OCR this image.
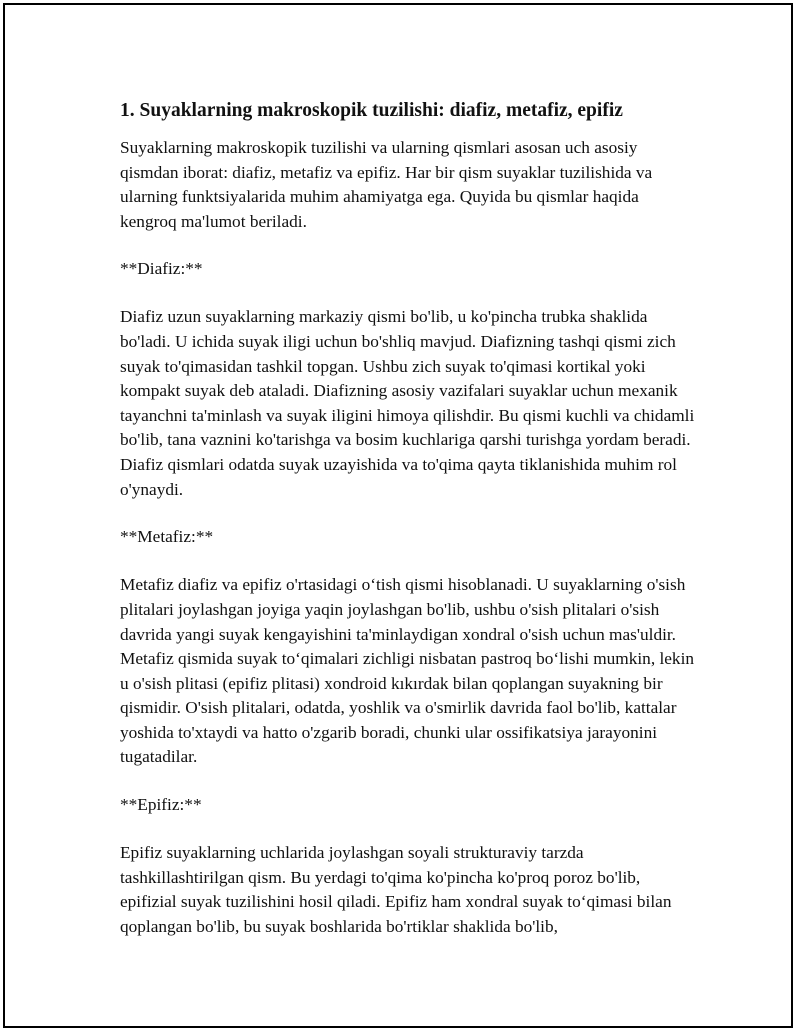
1. Suyaklarning makroskopik tuzilishi: diafiz, metafiz, epifiz

Suyaklarning makroskopik tuzilishi va ularning qismlari asosan uch asosiy qismdan iborat: diafiz, metafiz va epifiz. Har bir qism suyaklar tuzilishida va ularning funktsiyalarida muhim ahamiyatga ega. Quyida bu qismlar haqida kengroq ma'lumot beriladi.

**Diafiz:**

Diafiz uzun suyaklarning markaziy qismi bo'lib, u ko'pincha trubka shaklida bo'ladi. U ichida suyak iligi uchun bo'shliq mavjud. Diafizning tashqi qismi zich suyak to'qimasidan tashkil topgan. Ushbu zich suyak to'qimasi kortikal yoki kompakt suyak deb ataladi. Diafizning asosiy vazifalari suyaklar uchun mexanik tayanchni ta'minlash va suyak iligini himoya qilishdir. Bu qismi kuchli va chidamli bo'lib, tana vaznini ko'tarishga va bosim kuchlariga qarshi turishga yordam beradi. Diafiz qismlari odatda suyak uzayishida va to'qima qayta tiklanishida muhim rol o'ynaydi.

**Metafiz:**

Metafiz diafiz va epifiz o'rtasidagi o‘tish qismi hisoblanadi. U suyaklarning o'sish plitalari joylashgan joyiga yaqin joylashgan bo'lib, ushbu o'sish plitalari o'sish davrida yangi suyak kengayishini ta'minlaydigan xondral o'sish uchun mas'uldir. Metafiz qismida suyak to‘qimalari zichligi nisbatan pastroq bo‘lishi mumkin, lekin u o'sish plitasi (epifiz plitasi) xondroid kıkırdak bilan qoplangan suyakning bir qismidir. O'sish plitalari, odatda, yoshlik va o'smirlik davrida faol bo'lib, kattalar yoshida to'xtaydi va hatto o'zgarib boradi, chunki ular ossifikatsiya jarayonini tugatadilar.

**Epifiz:**

Epifiz suyaklarning uchlarida joylashgan soyali strukturaviy tarzda tashkillashtirilgan qism. Bu yerdagi to'qima ko'pincha ko'proq poroz bo'lib, epifizial suyak tuzilishini hosil qiladi. Epifiz ham xondral suyak to‘qimasi bilan qoplangan bo'lib, bu suyak boshlarida bo'rtiklar shaklida bo'lib,
